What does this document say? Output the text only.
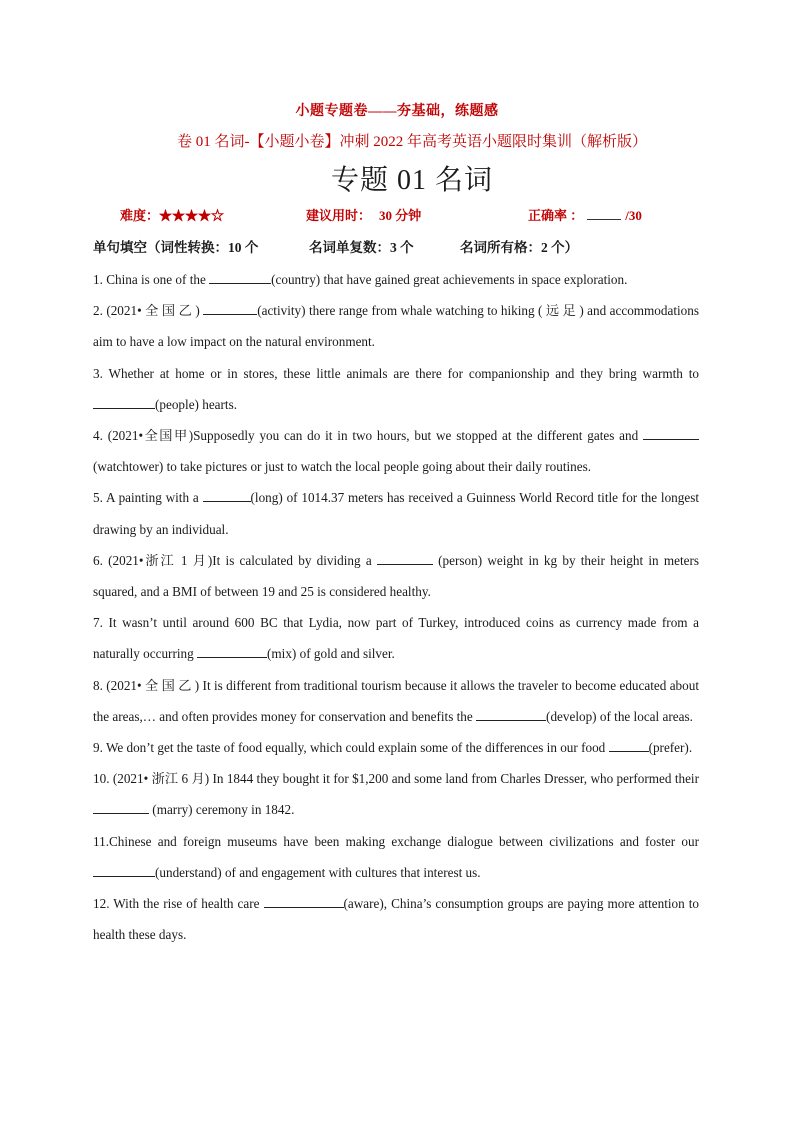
小题专题卷——夯基础，练题感
卷 01 名词-【小题小卷】冲刺 2022 年高考英语小题限时集训（解析版）
专题 01 名词
难度：★★★★☆	建议用时： 30 分钟	正确率 ：	/30
单句填空（词性转换：10 个	名词单复数：3 个	名词所有格：2 个）

1. China is one of the	(country) that have gained great achievements in space exploration.

2. (2021• 全 国 乙 )	(activity) there range from whale watching to hiking ( 远 足 ) and accommodations aim to have a low impact on the natural environment.

3. Whether at home or in stores, these little animals are there for companionship and they bring warmth to (people) hearts.

4. (2021•全国甲)Supposedly you can do it in two hours, but we stopped at the different gates and  (watchtower) to take pictures or just to watch the local people going about their daily routines.

5. A painting with a	(long) of 1014.37 meters has received a Guinness World Record title for the longest drawing by an individual.

6. (2021•浙江 1 月)It is calculated by dividing a	(person) weight in kg by their height in meters squared, and a BMI of between 19 and 25 is considered healthy.

7. It wasn’t until around 600 BC that Lydia, now part of Turkey, introduced coins as currency made from a naturally occurring	(mix) of gold and silver.

8. (2021• 全 国 乙 ) It is different from traditional tourism because it allows the traveler to become educated about the areas,… and often provides money for conservation and benefits the	(develop) of the local areas.

9. We don’t get the taste of food equally, which could explain some of the differences in our food	(prefer).

10. (2021• 浙江 6 月) In 1844 they bought it for $1,200 and some land from Charles Dresser, who performed their  (marry) ceremony in 1842.

11.Chinese and foreign museums have been making exchange dialogue between civilizations and foster our (understand) of and engagement with cultures that interest us.

12. With the rise of health care	(aware), China’s consumption groups are paying more attention to health these days.
